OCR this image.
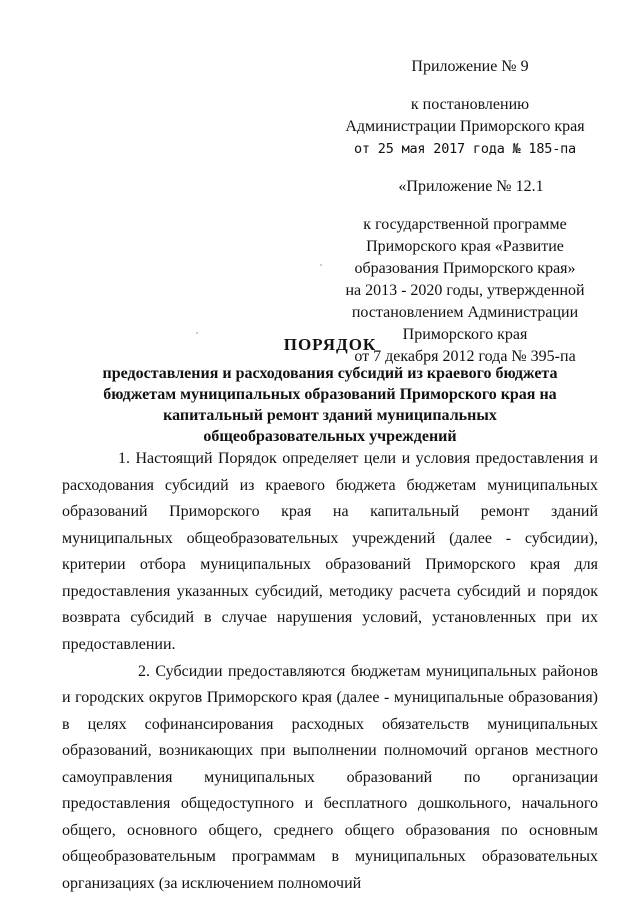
Приложение № 9
к постановлению
Администрации Приморского края
от 25 мая 2017 года № 185-па
«Приложение № 12.1
к государственной программе
Приморского края «Развитие
образования Приморского края»
на 2013 - 2020 годы, утвержденной
постановлением Администрации
Приморского края
от 7 декабря 2012 года № 395-па
ПОРЯДОК
предоставления и расходования субсидий из краевого бюджета
бюджетам муниципальных образований Приморского края на
капитальный ремонт зданий муниципальных
общеобразовательных учреждений

1. Настоящий Порядок определяет цели и условия предоставления и расходования субсидий из краевого бюджета бюджетам муниципальных образований Приморского края на капитальный ремонт зданий муниципальных общеобразовательных учреждений (далее - субсидии), критерии отбора муниципальных образований Приморского края для предоставления указанных субсидий, методику расчета субсидий и порядок возврата субсидий в случае нарушения условий, установленных при их предоставлении.

2. Субсидии предоставляются бюджетам муниципальных районов и городских округов Приморского края (далее - муниципальные образования) в целях софинансирования расходных обязательств муниципальных образований, возникающих при выполнении полномочий органов местного самоуправления муниципальных образований по организации предоставления общедоступного и бесплатного дошкольного, начального общего, основного общего, среднего общего образования по основным общеобразовательным программам в муниципальных образовательных организациях (за исключением полномочий
